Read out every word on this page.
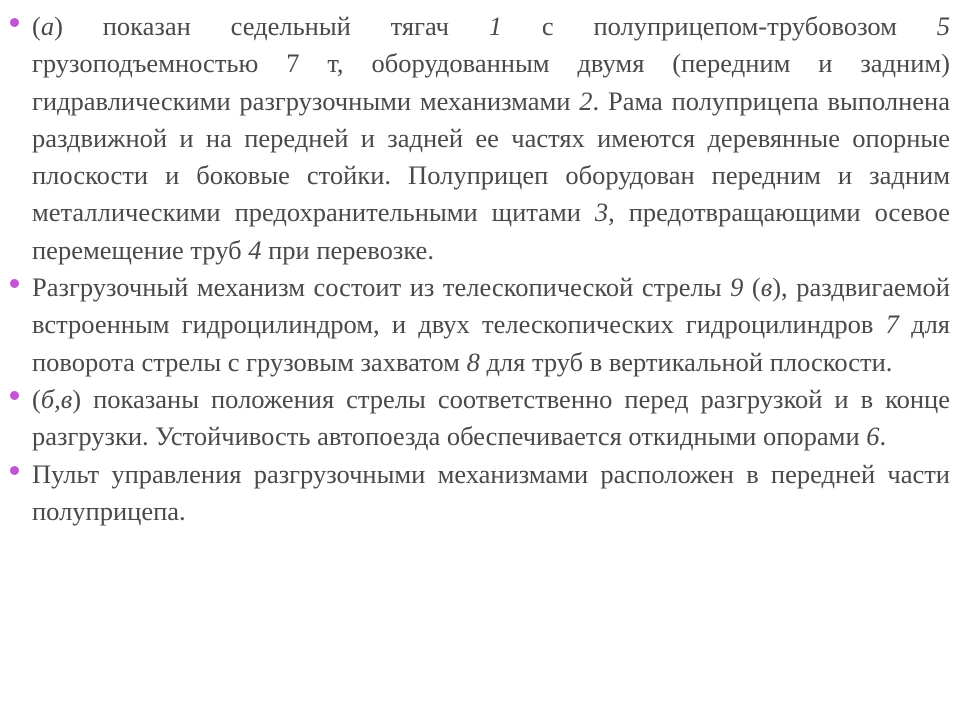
(а) показан седельный тягач 1 с полуприцепом-трубовозом 5 грузоподъемностью 7 т, оборудованным двумя (передним и задним) гидравлическими разгрузочными механизмами 2. Рама полуприцепа выполнена раздвижной и на передней и задней ее частях имеются деревянные опорные плоскости и боковые стойки. Полуприцеп оборудован передним и задним металлическими предохранительными щитами 3, предотвращающими осевое перемещение труб 4 при перевозке.
Разгрузочный механизм состоит из телескопической стрелы 9 (в), раздвигаемой встроенным гидроцилиндром, и двух телескопических гидроцилиндров 7 для поворота стрелы с грузовым захватом 8 для труб в вертикальной плоскости.
(б,в) показаны положения стрелы соответственно перед разгрузкой и в конце разгрузки. Устойчивость автопоезда обеспечивается откидными опорами 6.
Пульт управления разгрузочными механизмами расположен в передней части полуприцепа.
